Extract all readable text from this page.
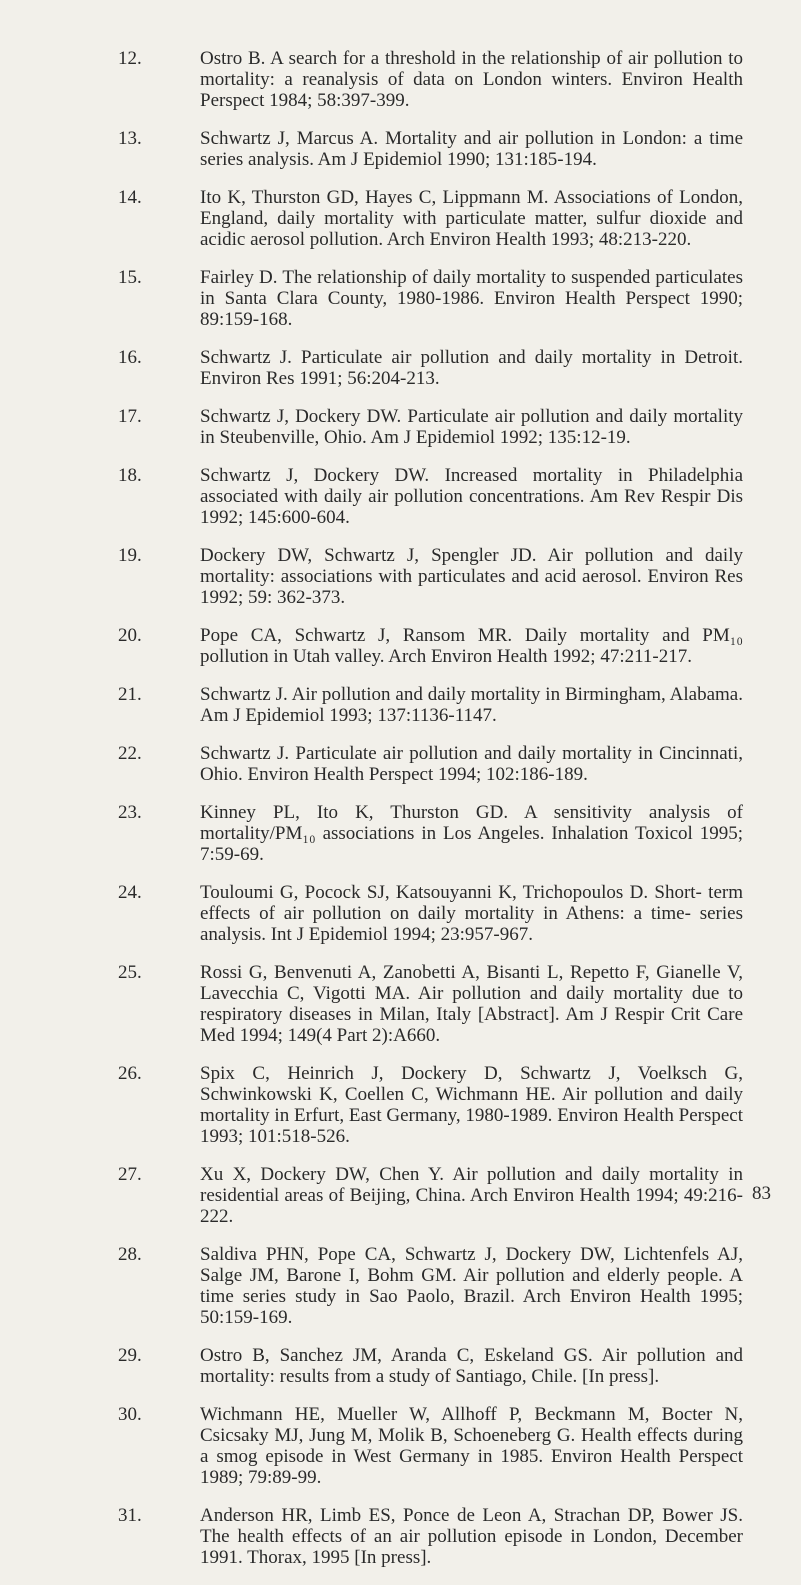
12.	Ostro B. A search for a threshold in the relationship of air pollution to mortality: a reanalysis of data on London winters. Environ Health Perspect 1984; 58:397-399.
13.	Schwartz J, Marcus A. Mortality and air pollution in London: a time series analysis. Am J Epidemiol 1990; 131:185-194.
14.	Ito K, Thurston GD, Hayes C, Lippmann M. Associations of London, England, daily mortality with particulate matter, sulfur dioxide and acidic aerosol pollution. Arch Environ Health 1993; 48:213-220.
15.	Fairley D. The relationship of daily mortality to suspended particulates in Santa Clara County, 1980-1986. Environ Health Perspect 1990; 89:159-168.
16.	Schwartz J. Particulate air pollution and daily mortality in Detroit. Environ Res 1991; 56:204-213.
17.	Schwartz J, Dockery DW. Particulate air pollution and daily mortality in Steubenville, Ohio. Am J Epidemiol 1992; 135:12-19.
18.	Schwartz J, Dockery DW. Increased mortality in Philadelphia associated with daily air pollution concentrations. Am Rev Respir Dis 1992; 145:600-604.
19.	Dockery DW, Schwartz J, Spengler JD. Air pollution and daily mortality: associations with particulates and acid aerosol. Environ Res 1992; 59: 362-373.
20.	Pope CA, Schwartz J, Ransom MR. Daily mortality and PM₁₀ pollution in Utah valley. Arch Environ Health 1992; 47:211-217.
21.	Schwartz J. Air pollution and daily mortality in Birmingham, Alabama. Am J Epidemiol 1993; 137:1136-1147.
22.	Schwartz J. Particulate air pollution and daily mortality in Cincinnati, Ohio. Environ Health Perspect 1994; 102:186-189.
23.	Kinney PL, Ito K, Thurston GD. A sensitivity analysis of mortality/PM₁₀ associations in Los Angeles. Inhalation Toxicol 1995; 7:59-69.
24.	Touloumi G, Pocock SJ, Katsouyanni K, Trichopoulos D. Short- term effects of air pollution on daily mortality in Athens: a time- series analysis. Int J Epidemiol 1994; 23:957-967.
25.	Rossi G, Benvenuti A, Zanobetti A, Bisanti L, Repetto F, Gianelle V, Lavecchia C, Vigotti MA. Air pollution and daily mortality due to respiratory diseases in Milan, Italy [Abstract]. Am J Respir Crit Care Med 1994; 149(4 Part 2):A660.
26.	Spix C, Heinrich J, Dockery D, Schwartz J, Voelksch G, Schwinkowski K, Coellen C, Wichmann HE. Air pollution and daily mortality in Erfurt, East Germany, 1980-1989. Environ Health Perspect 1993; 101:518-526.
27.	Xu X, Dockery DW, Chen Y. Air pollution and daily mortality in residential areas of Beijing, China. Arch Environ Health 1994; 49:216-222.
28.	Saldiva PHN, Pope CA, Schwartz J, Dockery DW, Lichtenfels AJ, Salge JM, Barone I, Bohm GM. Air pollution and elderly people. A time series study in Sao Paolo, Brazil. Arch Environ Health 1995; 50:159-169.
29.	Ostro B, Sanchez JM, Aranda C, Eskeland GS. Air pollution and mortality: results from a study of Santiago, Chile. [In press].
30.	Wichmann HE, Mueller W, Allhoff P, Beckmann M, Bocter N, Csicsaky MJ, Jung M, Molik B, Schoeneberg G. Health effects during a smog episode in West Germany in 1985. Environ Health Perspect 1989; 79:89-99.
31.	Anderson HR, Limb ES, Ponce de Leon A, Strachan DP, Bower JS. The health effects of an air pollution episode in London, December 1991. Thorax, 1995 [In press].
83
